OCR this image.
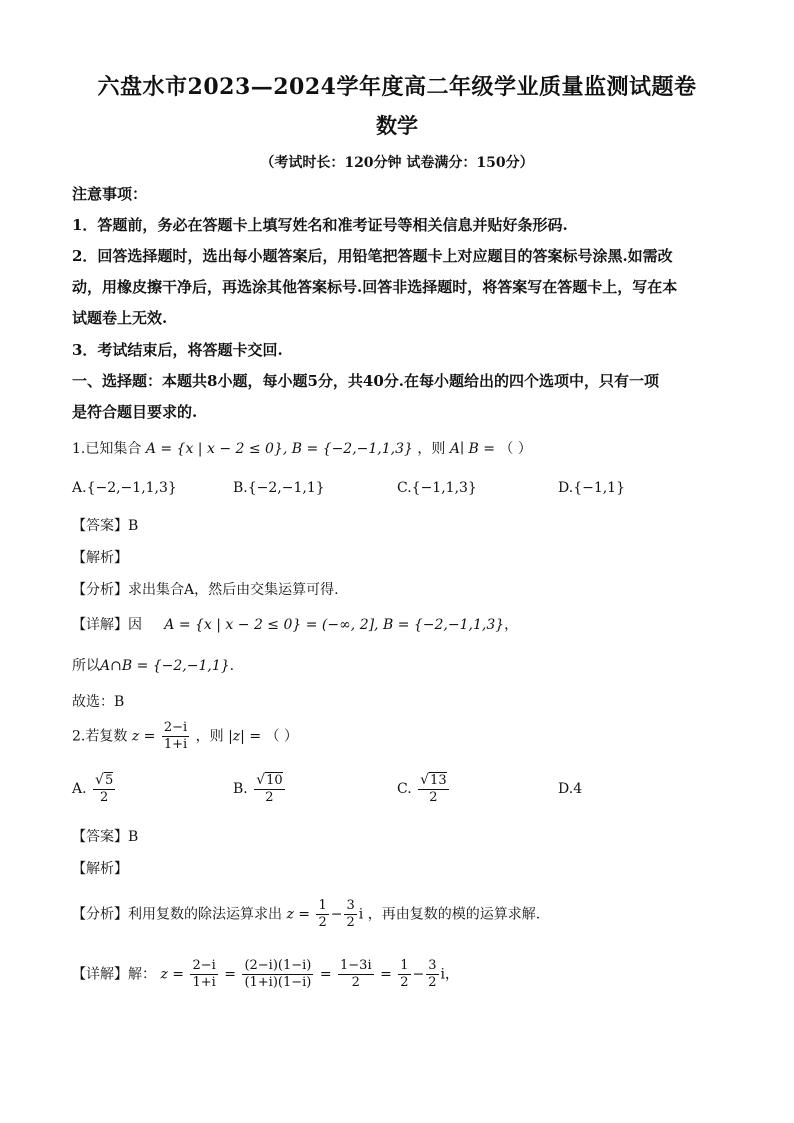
六盘水市2023—2024学年度高二年级学业质量监测试题卷
数学
（考试时长：120分钟 试卷满分：150分）
注意事项：
1．答题前，务必在答题卡上填写姓名和准考证号等相关信息并贴好条形码.
2．回答选择题时，选出每小题答案后，用铅笔把答题卡上对应题目的答案标号涂黑.如需改
动，用橡皮擦干净后，再选涂其他答案标号.回答非选择题时，将答案写在答题卡上，写在本
试题卷上无效.
3．考试结束后，将答题卡交回.
一、选择题：本题共8小题，每小题5分，共40分.在每小题给出的四个选项中，只有一项
是符合题目要求的.
1.已知集合 A = {x | x − 2 ≤ 0}, B = {−2,−1,1,3} ，则 A∣ B = （ ）
A.{−2,−1,1,3}	B.{−2,−1,1}	C.{−1,1,3}	D.{−1,1}
【答案】B
【解析】
【分析】求出集合A，然后由交集运算可得.
【详解】因 A = {x | x − 2 ≤ 0} = (−∞, 2], B = {−2,−1,1,3}，
所以A∩B = {−2,−1,1}.
故选：B
2.若复数 $z = \frac{2-i}{1+i}$ ，则 |z| = （ ）
A. $\frac{√5}{2}$	B. $\frac{√10}{2}$	C. $\frac{√13}{2}$	D.4
【答案】B
【解析】
【分析】利用复数的除法运算求出 $z = \frac{1}{2} - \frac{3}{2}$ i ，再由复数的模的运算求解.
【详解】解： $z = \frac{2-i}{1+i} = \frac{(2-i)(1-i)}{(1+i)(1-i)} = \frac{1-3i}{2} = \frac{1}{2} - \frac{3}{2}$ i，
